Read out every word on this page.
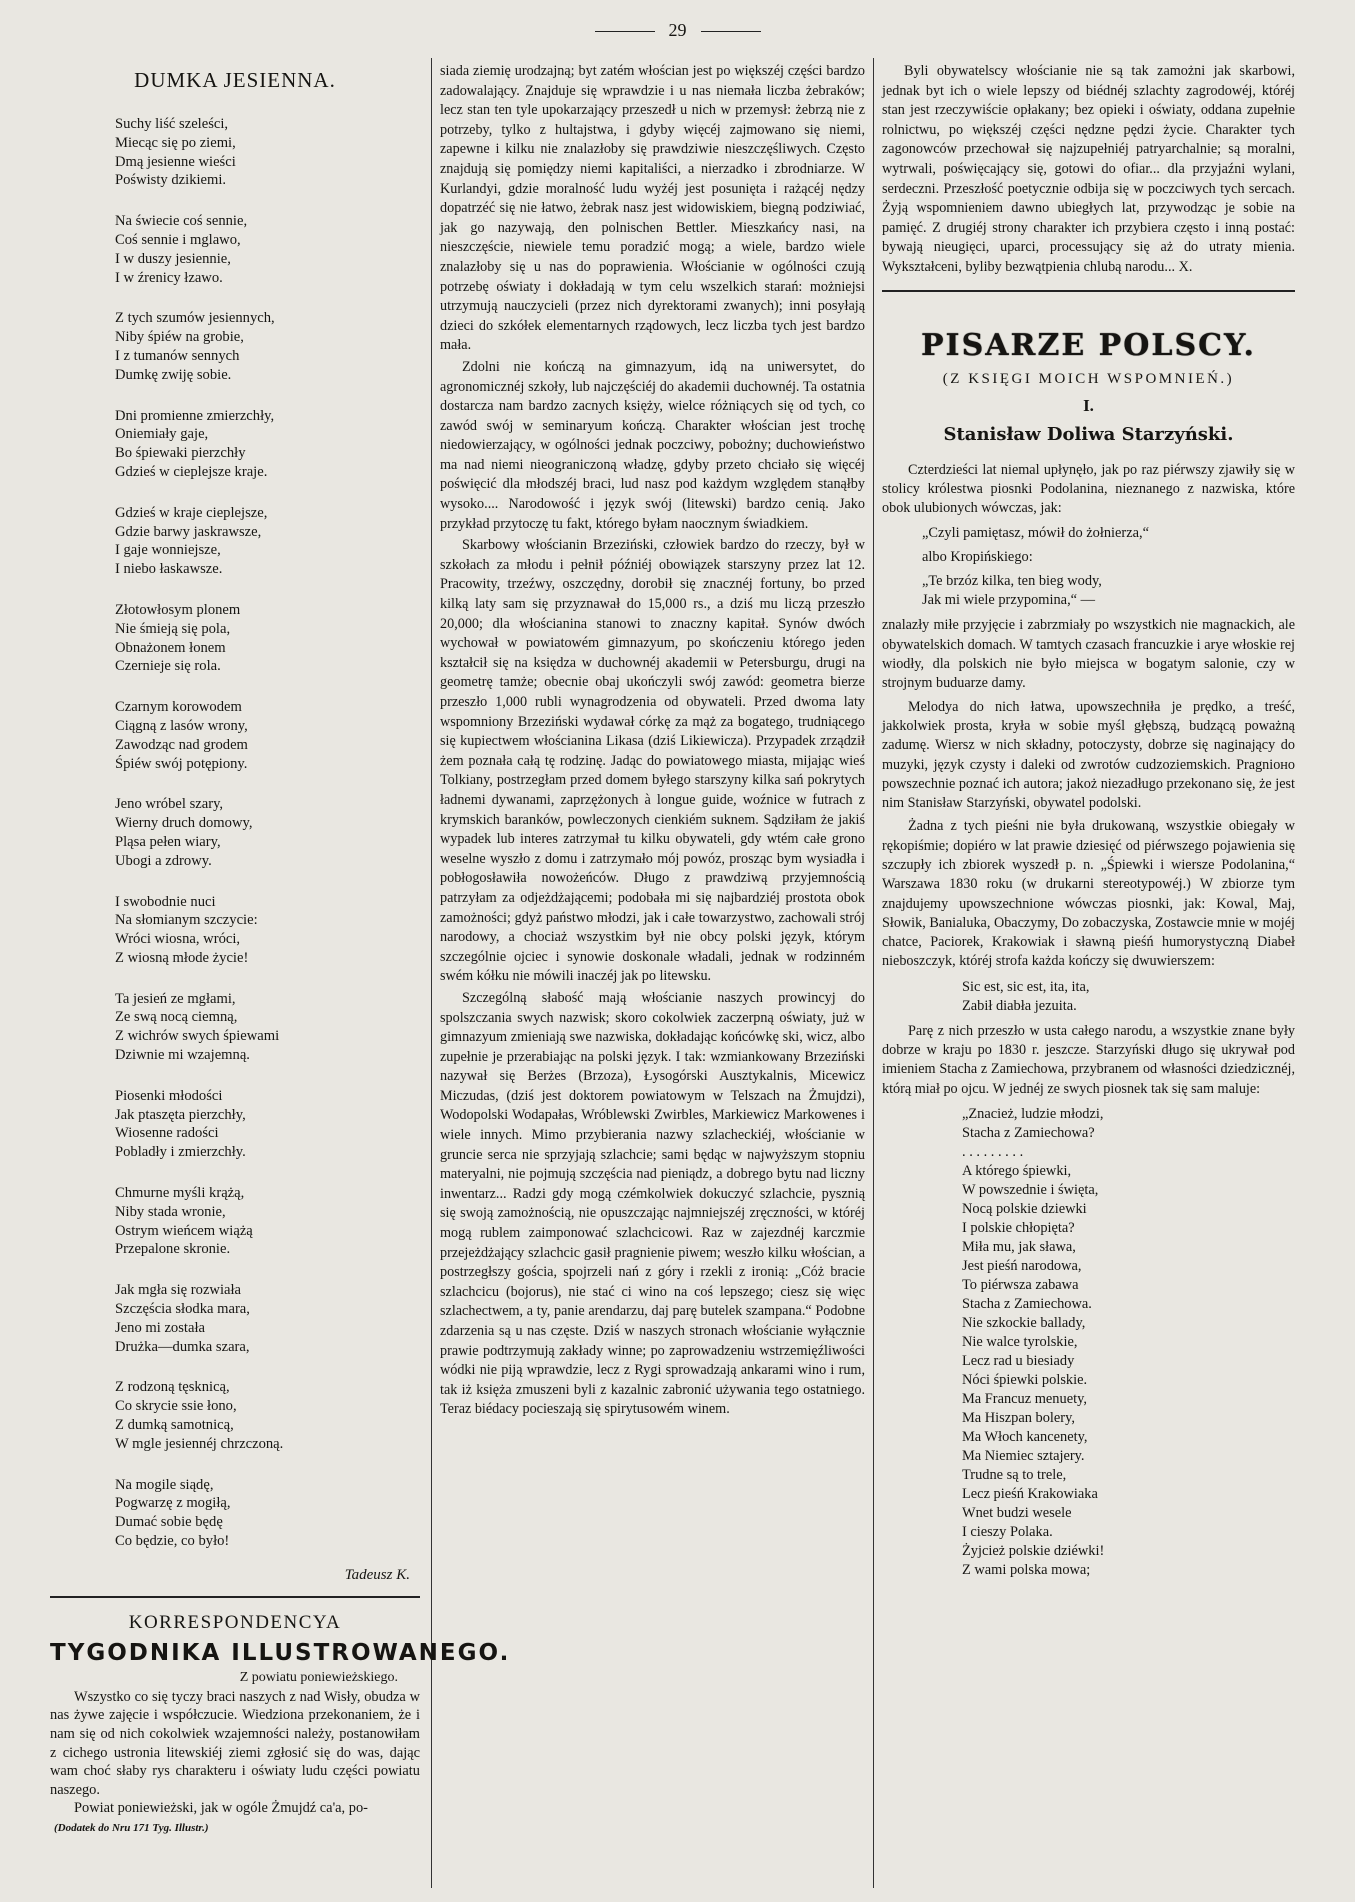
29
DUMKA JESIENNA.
Suchy liść szeleści,
Miecąc się po ziemi,
Dmą jesienne wieści
Poświsty dzikiemi.
Na świecie coś sennie,
Coś sennie i mglawo,
I w duszy jesiennie,
I w źrenicy łzawo.
Z tych szumów jesiennych,
Niby śpiéw na grobie,
I z tumanów sennych
Dumkę zwiję sobie.
Dni promienne zmierzchły,
Oniemiały gaje,
Bo śpiewaki pierzchły
Gdzieś w cieplejsze kraje.
Gdzieś w kraje cieplejsze,
Gdzie barwy jaskrawsze,
I gaje wonniejsze,
I niebo łaskawsze.
Złotowłosym plonem
Nie śmieją się pola,
Obnażonem łonem
Czernieje się rola.
Czarnym korowodem
Ciągną z lasów wrony,
Zawodząc nad grodem
Śpiéw swój potępiony.
Jeno wróbel szary,
Wierny druch domowy,
Pląsa pełen wiary,
Ubogi a zdrowy.
I swobodnie nuci
Na słomianym szczycie:
Wróci wiosna, wróci,
Z wiosną młode życie!
Ta jesień ze mgłami,
Ze swą nocą ciemną,
Z wichrów swych śpiewami
Dziwnie mi wzajemną.
Piosenki młodości
Jak ptaszęta pierzchły,
Wiosenne radości
Pobladły i zmierzchły.
Chmurne myśli krążą,
Niby stada wronie,
Ostrym wieńcem wiążą
Przepalone skronie.
Jak mgła się rozwiała
Szczęścia słodka mara,
Jeno mi została
Drużka—dumka szara,
Z rodzoną tęsknicą,
Co skrycie ssie łono,
Z dumką samotnicą,
W mgle jesiennéj chrzczoną.
Na mogile siądę,
Pogwarzę z mogiłą,
Dumać sobie będę
Co będzie, co było!
Tadeusz K.
KORRESPONDENCYA
TYGODNIKA ILLUSTROWANEGO.
Z powiatu poniewieżskiego.

Wszystko co się tyczy braci naszych z nad Wisły, obudza w nas żywe zajęcie i współczucie. Wiedziona przekonaniem, że i nam się od nich cokolwiek wzajemności należy, postanowiłam z cichego ustronia litewskiéj ziemi zgłosić się do was, dając wam choć słaby rys charakteru i oświaty ludu części powiatu naszego.

Powiat poniewieżski, jak w ogóle Żmujdź ca'a, po-

(Dodatek do Nru 171 Tyg. Illustr.)

siada ziemię urodzajną; byt zatém włościan jest po większéj części bardzo zadowalający. Znajduje się wprawdzie i u nas niemała liczba żebraków; lecz stan ten tyle upokarzający przeszedł u nich w przemysł: żebrzą nie z potrzeby, tylko z hultajstwa, i gdyby więcéj zajmowano się niemi, zapewne i kilku nie znalazłoby się prawdziwie nieszczęśliwych. Często znajdują się pomiędzy niemi kapitaliści, a nierzadko i zbrodniarze. W Kurlandyi, gdzie moralność ludu wyżéj jest posunięta i rażącéj nędzy dopatrzéć się nie łatwo, żebrak nasz jest widowiskiem, biegną podziwiać, jak go nazywają, den polnischen Bettler. Mieszkańcy nasi, na nieszczęście, niewiele temu poradzić mogą; a wiele, bardzo wiele znalazłoby się u nas do poprawienia. Włościanie w ogólności czują potrzebę oświaty i dokładają w tym celu wszelkich starań: możniejsi utrzymują nauczycieli (przez nich dyrektorami zwanych); inni posyłają dzieci do szkółek elementarnych rządowych, lecz liczba tych jest bardzo mała.

Zdolni nie kończą na gimnazyum, idą na uniwersytet, do agronomicznéj szkoły, lub najczęściéj do akademii duchownéj. Ta ostatnia dostarcza nam bardzo zacnych księży, wielce różniących się od tych, co zawód swój w seminaryum kończą. Charakter włościan jest trochę niedowierzający, w ogólności jednak poczciwy, pobożny; duchowieństwo ma nad niemi nieograniczoną władzę, gdyby przeto chciało się więcéj poświęcić dla młodszéj braci, lud nasz pod każdym względem stanąłby wysoko.... Narodowość i język swój (litewski) bardzo cenią. Jako przykład przytoczę tu fakt, którego byłam naocznym świadkiem.

Skarbowy włościanin Brzeziński, człowiek bardzo do rzeczy, był w szkołach za młodu i pełnił późniéj obowiązek starszyny przez lat 12. Pracowity, trzeźwy, oszczędny, dorobił się znacznéj fortuny, bo przed kilką laty sam się przyznawał do 15,000 rs., a dziś mu liczą przeszło 20,000; dla włościanina stanowi to znaczny kapitał. Synów dwóch wychował w powiatowém gimnazyum, po skończeniu którego jeden kształcił się na księdza w duchownéj akademii w Petersburgu, drugi na geometrę tamże; obecnie obaj ukończyli swój zawód: geometra bierze przeszło 1,000 rubli wynagrodzenia od obywateli. Przed dwoma laty wspomniony Brzeziński wydawał córkę za mąż za bogatego, trudniącego się kupiectwem włościanina Likasa (dziś Likiewicza). Przypadek zrządził żem poznała całą tę rodzinę. Jadąc do powiatowego miasta, mijając wieś Tolkiany, postrzegłam przed domem byłego starszyny kilka sań pokrytych ładnemi dywanami, zaprzężonych à longue guide, woźnice w futrach z krymskich baranków, powleczonych cienkiém suknem. Sądziłam że jakiś wypadek lub interes zatrzymał tu kilku obywateli, gdy wtém całe grono weselne wyszło z domu i zatrzymało mój powóz, prosząc bym wysiadła i pobłogosławiła nowożeńców. Długo z prawdziwą przyjemnością patrzyłam za odjeżdżającemi; podobała mi się najbardziéj prostota obok zamożności; gdyż państwo młodzi, jak i całe towarzystwo, zachowali strój narodowy, a chociaż wszystkim był nie obcy polski język, którym szczególnie ojciec i synowie doskonale władali, jednak w rodzinném swém kółku nie mówili inaczéj jak po litewsku.

Szczególną słabość mają włościanie naszych prowincyj do spolszczania swych nazwisk; skoro cokolwiek zaczerpną oświaty, już w gimnazyum zmieniają swe nazwiska, dokładając końcówkę ski, wicz, albo zupełnie je przerabiając na polski język. I tak: wzmiankowany Brzeziński nazywał się Berżes (Brzoza), Łysogórski Ausztykalnis, Micewicz Miczudas, (dziś jest doktorem powiatowym w Telszach na Żmujdzi), Wodopolski Wodapałas, Wróblewski Zwirbles, Markiewicz Markowenes i wiele innych. Mimo przybierania nazwy szlacheckiéj, włościanie w gruncie serca nie sprzyjają szlachcie; sami będąc w najwyższym stopniu materyalni, nie pojmują szczęścia nad pieniądz, a dobrego bytu nad liczny inwentarz... Radzi gdy mogą czémkolwiek dokuczyć szlachcie, pysznią się swoją zamożnością, nie opuszczając najmniejszéj zręczności, w któréj mogą rublem zaimponować szlachcicowi. Raz w zajezdnéj karczmie przejeżdżający szlachcic gasił pragnienie piwem; weszło kilku włościan, a postrzegłszy gościa, spojrzeli nań z góry i rzekli z ironią: „Cóż bracie szlachcicu (bojorus), nie stać ci wino na coś lepszego; ciesz się więc szlachectwem, a ty, panie arendarzu, daj parę butelek szampana.“ Podobne zdarzenia są u nas częste. Dziś w naszych stronach włościanie wyłącznie prawie podtrzymują zakłady winne; po zaprowadzeniu wstrzemięźliwości wódki nie piją wprawdzie, lecz z Rygi sprowadzają ankarami wino i rum, tak iż księża zmuszeni byli z kazalnic zabronić używania tego ostatniego. Teraz biédacy pocieszają się spirytusowém winem.

Byli obywatelscy włościanie nie są tak zamożni jak skarbowi, jednak byt ich o wiele lepszy od biédnéj szlachty zagrodowéj, któréj stan jest rzeczywiście opłakany; bez opieki i oświaty, oddana zupełnie rolnictwu, po większéj części nędzne pędzi życie. Charakter tych zagonowców przechował się najzupełniéj patryarchalnie; są moralni, wytrwali, poświęcający się, gotowi do ofiar... dla przyjaźni wylani, serdeczni. Przeszłość poetycznie odbija się w poczciwych tych sercach. Żyją wspomnieniem dawno ubiegłych lat, przywodząc je sobie na pamięć. Z drugiéj strony charakter ich przybiera często i inną postać: bywają nieugięci, uparci, processujący się aż do utraty mienia. Wykształceni, byliby bezwątpienia chlubą narodu... X.

PISARZE POLSCY.
(Z KSIĘGI MOICH WSPOMNIEŃ.)
I.
Stanisław Doliwa Starzyński.

Czterdzieści lat niemal upłynęło, jak po raz piérwszy zjawiły się w stolicy królestwa piosnki Podolanina, nieznanego z nazwiska, które obok ulubionych wówczas, jak:

„Czyli pamiętasz, mówił do żołnierza,“
albo Kropińskiego:
„Te brzóz kilka, ten bieg wody,
Jak mi wiele przypomina,“ —

znalazły miłe przyjęcie i zabrzmiały po wszystkich nie magnackich, ale obywatelskich domach. W tamtych czasach francuzkie i arye włoskie rej wiodły, dla polskich nie było miejsca w bogatym salonie, czy w strojnym buduarze damy.

Melodya do nich łatwa, upowszechniła je prędko, a treść, jakkolwiek prosta, kryła w sobie myśl głębszą, budzącą poważną zadumę. Wiersz w nich składny, potoczysty, dobrze się naginający do muzyki, język czysty i daleki od zwrotów cudzoziemskich. Pragnioно powszechnie poznać ich autora; jakoż niezadługo przekonano się, że jest nim Stanisław Starzyński, obywatel podolski.

Żadna z tych pieśni nie była drukowaną, wszystkie obiegały w rękopiśmie; dopiéro w lat prawie dziesięć od piérwszego pojawienia się szczupły ich zbiorek wyszedł p. n. „Śpiewki i wiersze Podolanina,“ Warszawa 1830 roku (w drukarni stereotypowéj.) W zbiorze tym znajdujemy upowszechnione wówczas piosnki, jak: Kowal, Maj, Słowik, Banialuka, Obaczymy, Do zobaczyska, Zostawcie mnie w mojéj chatce, Paciorek, Krakowiak i sławną pieśń humorystyczną Diabeł nieboszczyk, któréj strofa każda kończy się dwuwierszem:

Sic est, sic est, ita, ita,
Zabił diabła jezuita.

Parę z nich przeszło w usta całego narodu, a wszystkie znane były dobrze w kraju po 1830 r. jeszcze. Starzyński długo się ukrywał pod imieniem Stacha z Zamiechowa, przybranem od własności dziedzicznéj, którą miał po ojcu. W jednéj ze swych piosnek tak się sam maluje:

„Znacież, ludzie młodzi,
Stacha z Zamiechowa?
. . . . . . . . .
A którego śpiewki,
W powszednie i święta,
Nocą polskie dziewki
I polskie chłopięta?
Miła mu, jak sława,
Jest pieśń narodowa,
To piérwsza zabawa
Stacha z Zamiechowa.
Nie szkockie ballady,
Nie walce tyrolskie,
Lecz rad u biesiady
Nóci śpiewki polskie.
Ma Francuz menuety,
Ma Hiszpan bolery,
Ma Włoch kancenety,
Ma Niemiec sztajery.
Trudne są to trele,
Lecz pieśń Krakowiaka
Wnet budzi wesele
I cieszy Polaka.
Żyjcież polskie dziéwki!
Z wami polska mowa;
